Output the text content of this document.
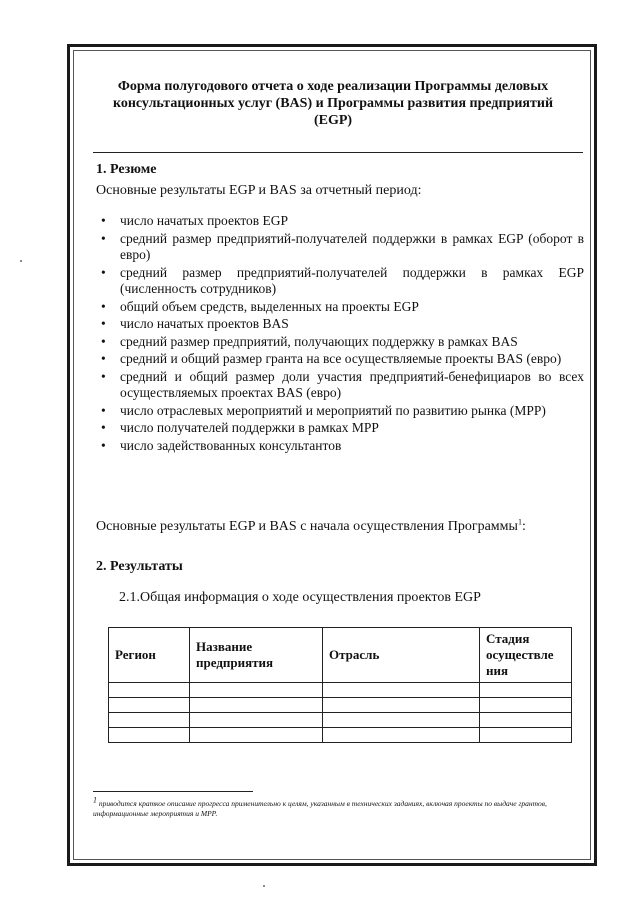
Форма полугодового отчета о ходе реализации Программы деловых консультационных услуг (BAS) и Программы развития предприятий (EGP)
1. Резюме
Основные результаты EGP и BAS за отчетный период:
• число начатых проектов EGP
• средний размер предприятий-получателей поддержки в рамках EGP (оборот в евро)
• средний размер предприятий-получателей поддержки в рамках EGP (численность сотрудников)
• общий объем средств, выделенных на проекты EGP
• число начатых проектов BAS
• средний размер предприятий, получающих поддержку в рамках BAS
• средний и общий размер гранта на все осуществляемые проекты BAS (евро)
• средний и общий размер доли участия предприятий-бенефициаров во всех осуществляемых проектах BAS (евро)
• число отраслевых мероприятий и мероприятий по развитию рынка (МРР)
• число получателей поддержки в рамках МРР
• число задействованных консультантов
Основные результаты EGP и BAS с начала осуществления Программы$^1$:
2. Результаты
2.1.Общая информация о ходе осуществления проектов EGP
Регион	Название предприятия	Отрасль	Стадия осуществле ния

$^1$ приводится краткое описание прогресса применительно к целям, указанным в технических заданиях, включая проекты по выдаче грантов, информационные мероприятия и МРР.
